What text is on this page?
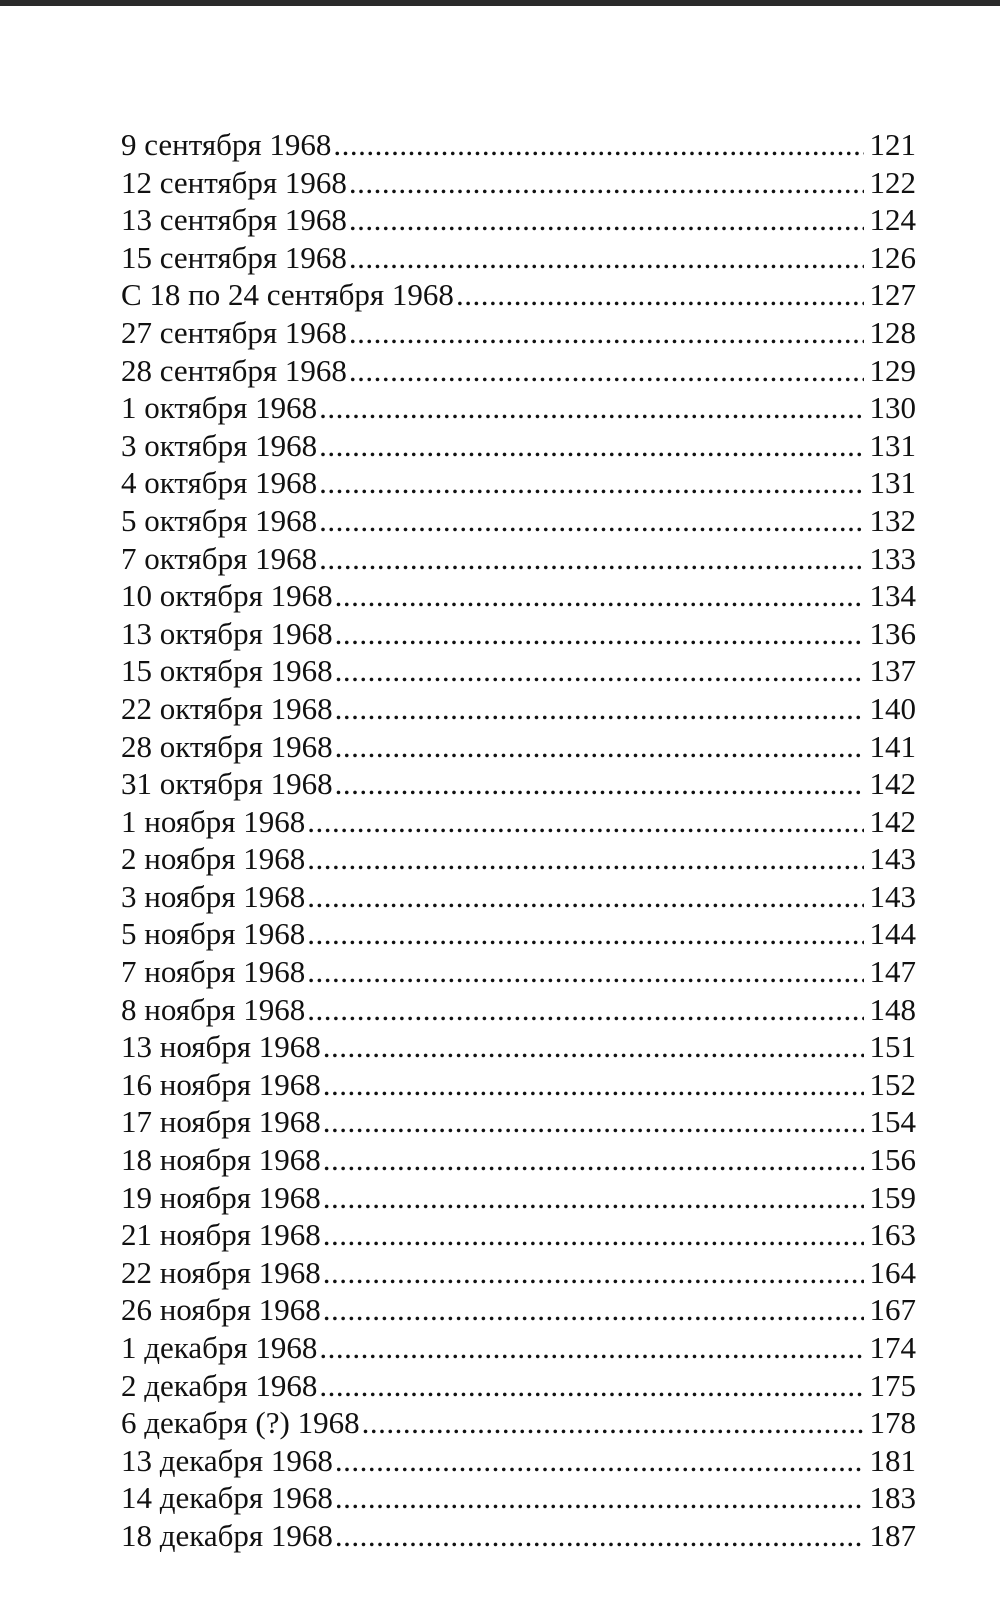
9 сентября 1968 .....	121
12 сентября 1968 .....	122
13 сентября 1968 .....	124
15 сентября 1968 .....	126
С 18 по 24 сентября 1968 .....	127
27 сентября 1968 .....	128
28 сентября 1968 .....	129
1 октября 1968 .....	130
3 октября 1968 .....	131
4 октября 1968 .....	131
5 октября 1968 .....	132
7 октября 1968 .....	133
10 октября 1968 .....	134
13 октября 1968 .....	136
15 октября 1968 .....	137
22 октября 1968 .....	140
28 октября 1968 .....	141
31 октября 1968 .....	142
1 ноября 1968 .....	142
2 ноября 1968 .....	143
3 ноября 1968 .....	143
5 ноября 1968 .....	144
7 ноября 1968 .....	147
8 ноября 1968 .....	148
13 ноября 1968 .....	151
16 ноября 1968 .....	152
17 ноября 1968 .....	154
18 ноября 1968 .....	156
19 ноября 1968 .....	159
21 ноября 1968 .....	163
22 ноября 1968 .....	164
26 ноября 1968 .....	167
1 декабря 1968 .....	174
2 декабря 1968 .....	175
6 декабря (?) 1968 .....	178
13 декабря 1968 .....	181
14 декабря 1968 .....	183
18 декабря 1968 .....	187
